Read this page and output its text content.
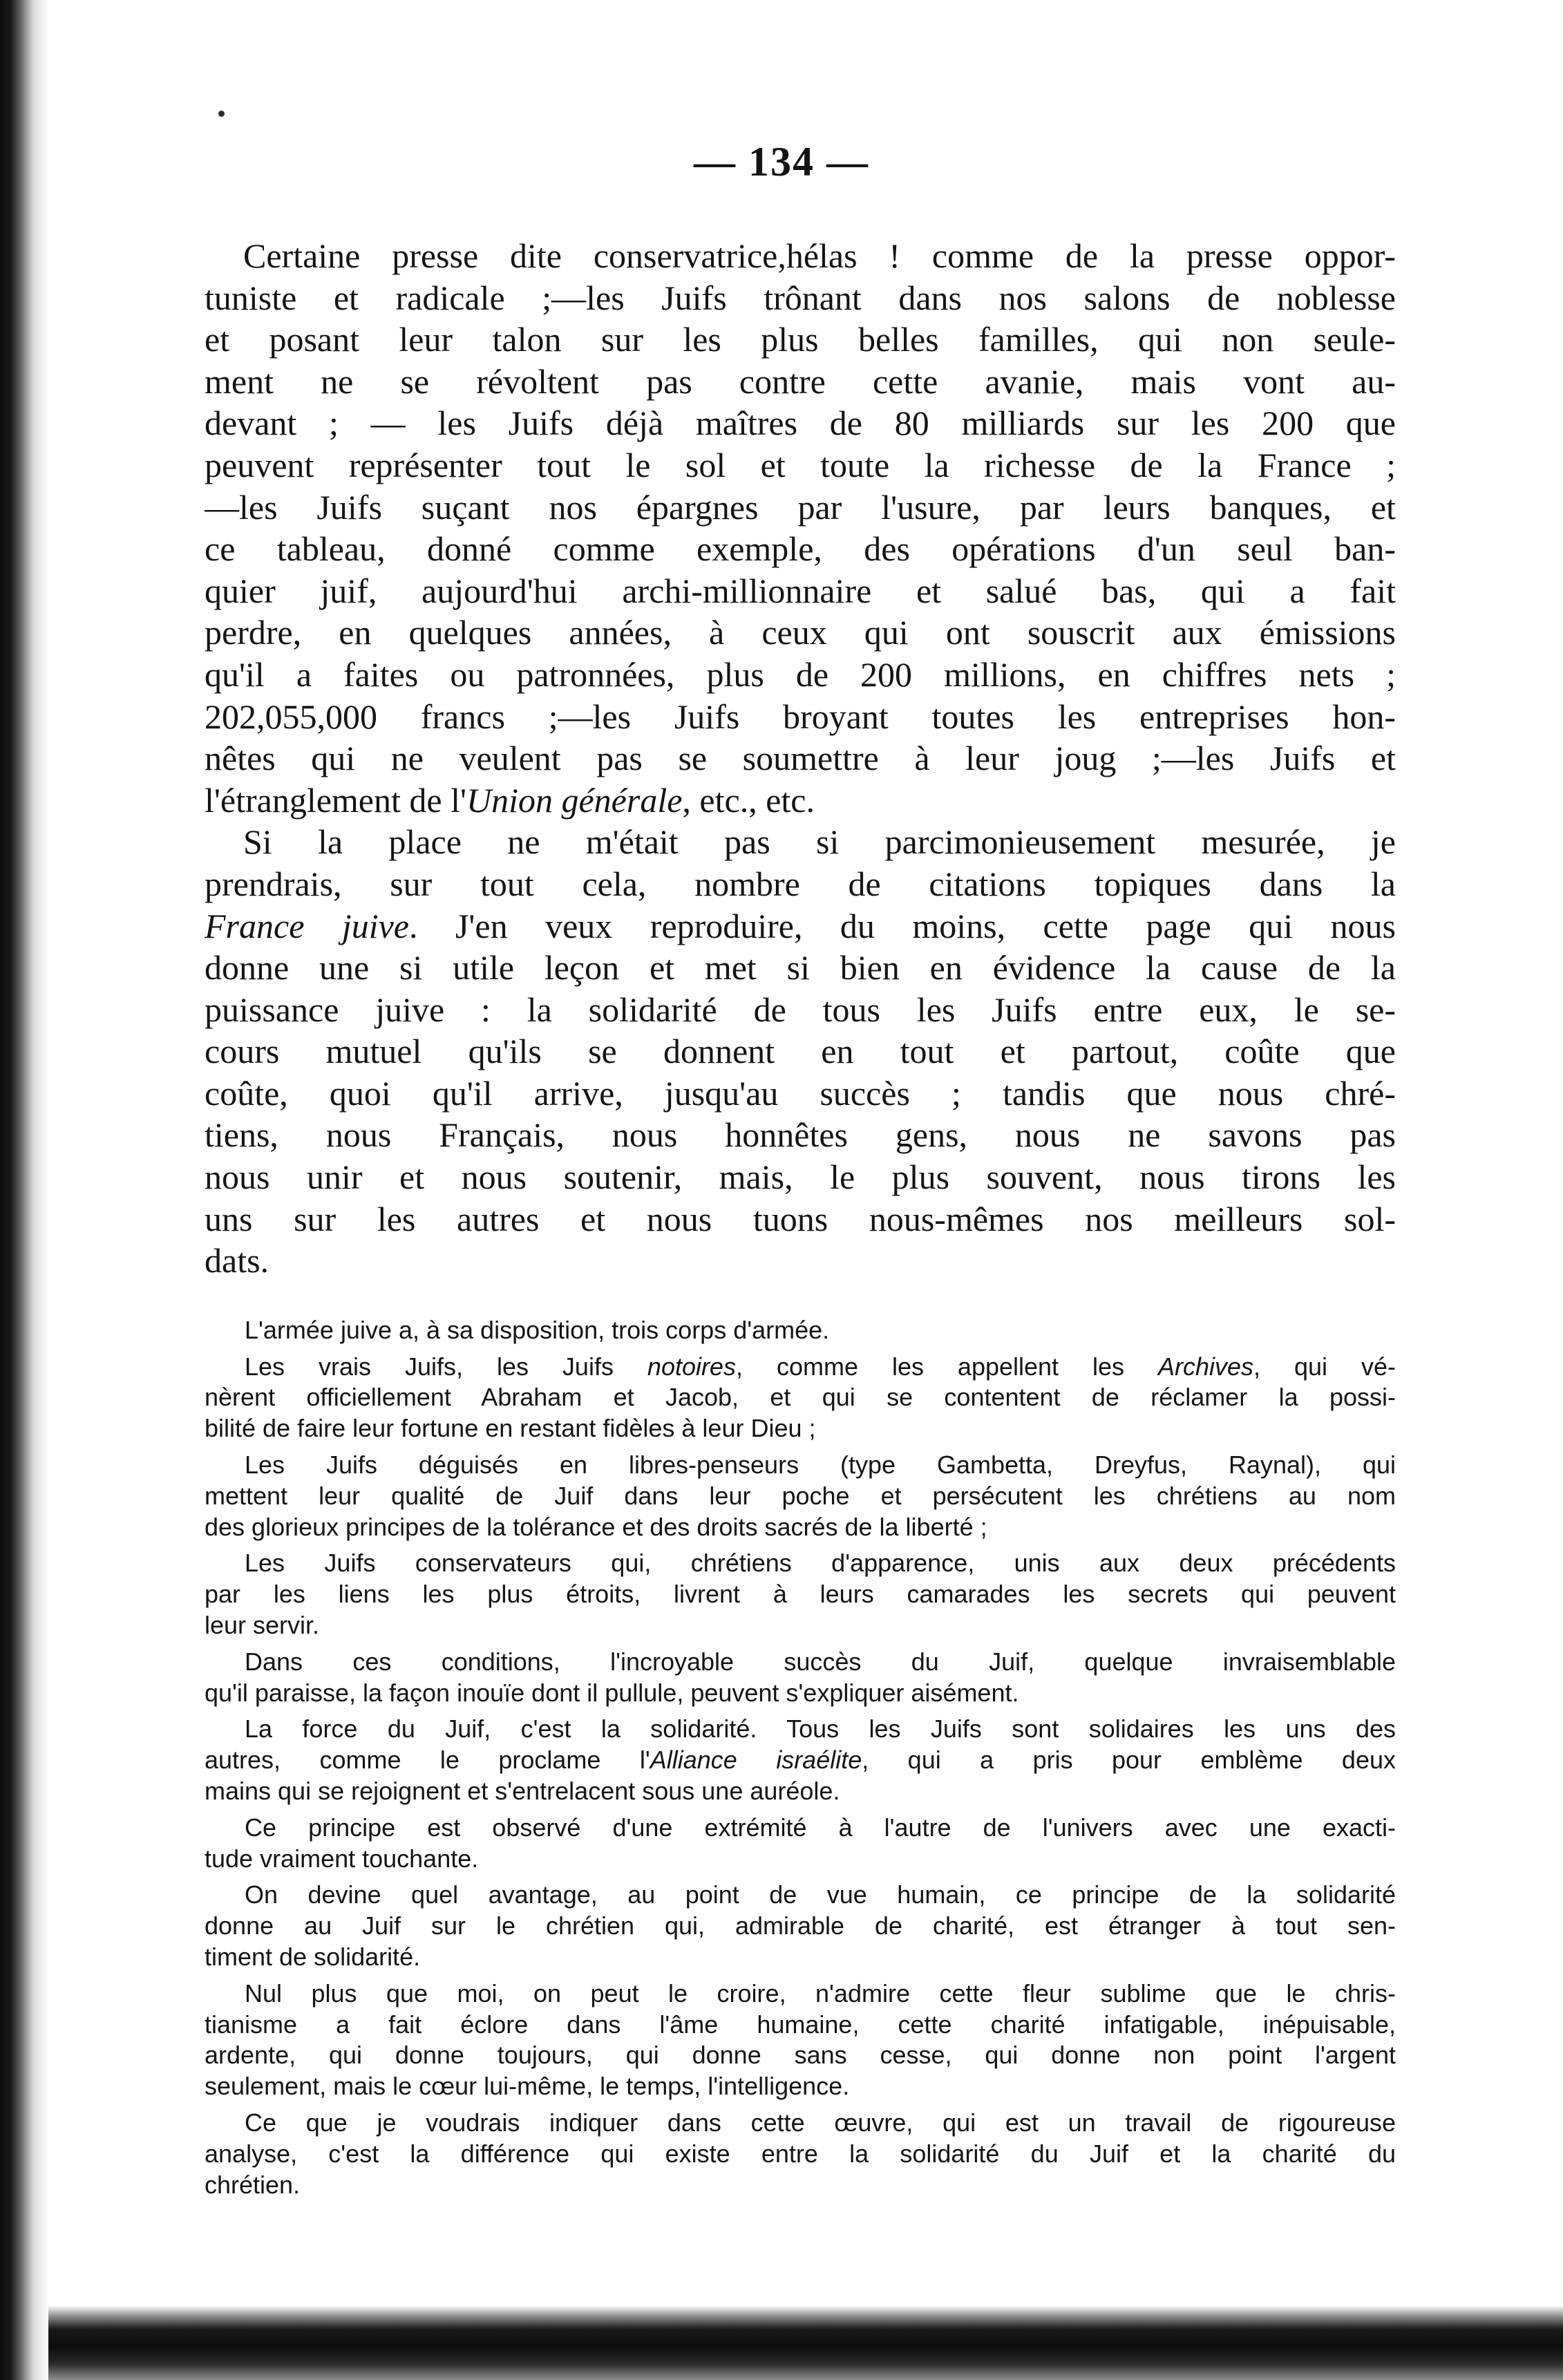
— 134 —
Certaine presse dite conservatrice,hélas ! comme de la presse oppor-
tuniste et radicale ;—les Juifs trônant dans nos salons de noblesse
et posant leur talon sur les plus belles familles, qui non seule-
ment ne se révoltent pas contre cette avanie, mais vont au-
devant ; — les Juifs déjà maîtres de 80 milliards sur les 200 que
peuvent représenter tout le sol et toute la richesse de la France ;
—les Juifs suçant nos épargnes par l'usure, par leurs banques, et
ce tableau, donné comme exemple, des opérations d'un seul ban-
quier juif, aujourd'hui archi-millionnaire et salué bas, qui a fait
perdre, en quelques années, à ceux qui ont souscrit aux émissions
qu'il a faites ou patronnées, plus de 200 millions, en chiffres nets ;
202,055,000 francs ;—les Juifs broyant toutes les entreprises hon-
nêtes qui ne veulent pas se soumettre à leur joug ;—les Juifs et
l'étranglement de l'Union générale, etc., etc.
Si la place ne m'était pas si parcimonieusement mesurée, je
prendrais, sur tout cela, nombre de citations topiques dans la
France juive. J'en veux reproduire, du moins, cette page qui nous
donne une si utile leçon et met si bien en évidence la cause de la
puissance juive : la solidarité de tous les Juifs entre eux, le se-
cours mutuel qu'ils se donnent en tout et partout, coûte que
coûte, quoi qu'il arrive, jusqu'au succès ; tandis que nous chré-
tiens, nous Français, nous honnêtes gens, nous ne savons pas
nous unir et nous soutenir, mais, le plus souvent, nous tirons les
uns sur les autres et nous tuons nous-mêmes nos meilleurs sol-
dats.
L'armée juive a, à sa disposition, trois corps d'armée.
Les vrais Juifs, les Juifs notoires, comme les appellent les Archives, qui vé-
nèrent officiellement Abraham et Jacob, et qui se contentent de réclamer la possi-
bilité de faire leur fortune en restant fidèles à leur Dieu ;
Les Juifs déguisés en libres-penseurs (type Gambetta, Dreyfus, Raynal), qui
mettent leur qualité de Juif dans leur poche et persécutent les chrétiens au nom
des glorieux principes de la tolérance et des droits sacrés de la liberté ;
Les Juifs conservateurs qui, chrétiens d'apparence, unis aux deux précédents
par les liens les plus étroits, livrent à leurs camarades les secrets qui peuvent
leur servir.
Dans ces conditions, l'incroyable succès du Juif, quelque invraisemblable
qu'il paraisse, la façon inouïe dont il pullule, peuvent s'expliquer aisément.
La force du Juif, c'est la solidarité. Tous les Juifs sont solidaires les uns des
autres, comme le proclame l'Alliance israélite, qui a pris pour emblème deux
mains qui se rejoignent et s'entrelacent sous une auréole.
Ce principe est observé d'une extrémité à l'autre de l'univers avec une exacti-
tude vraiment touchante.
On devine quel avantage, au point de vue humain, ce principe de la solidarité
donne au Juif sur le chrétien qui, admirable de charité, est étranger à tout sen-
timent de solidarité.
Nul plus que moi, on peut le croire, n'admire cette fleur sublime que le chris-
tianisme a fait éclore dans l'âme humaine, cette charité infatigable, inépuisable,
ardente, qui donne toujours, qui donne sans cesse, qui donne non point l'argent
seulement, mais le cœur lui-même, le temps, l'intelligence.
Ce que je voudrais indiquer dans cette œuvre, qui est un travail de rigoureuse
analyse, c'est la différence qui existe entre la solidarité du Juif et la charité du
chrétien.
